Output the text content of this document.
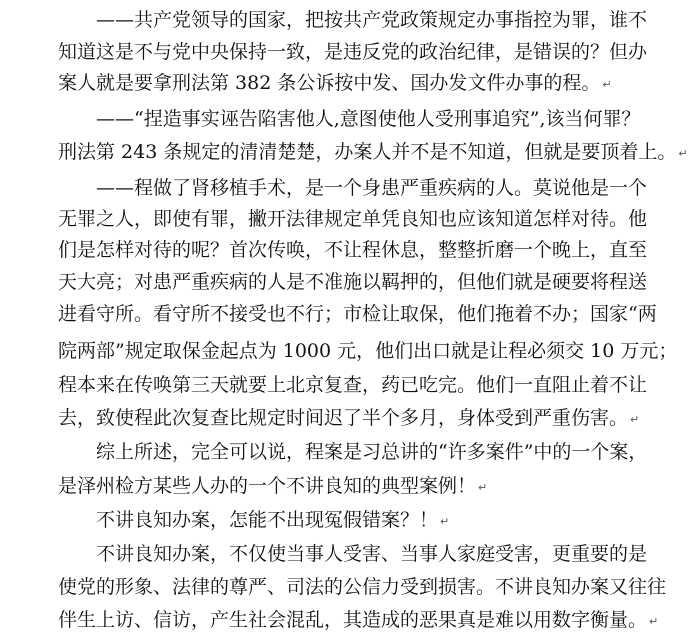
——共产党领导的国家，把按共产党政策规定办事指控为罪，谁不
知道这是不与党中央保持一致，是违反党的政治纪律，是错误的？但办
案人就是要拿刑法第 382 条公诉按中发、国办发文件办事的程。 ↵
——“捏造事实诬告陷害他人,意图使他人受刑事追究”,该当何罪？
刑法第 243 条规定的清清楚楚，办案人并不是不知道，但就是要顶着上。 ↵
——程做了肾移植手术，是一个身患严重疾病的人。莫说他是一个
无罪之人，即使有罪，撇开法律规定单凭良知也应该知道怎样对待。他
们是怎样对待的呢？首次传唤，不让程休息，整整折磨一个晚上，直至
天大亮；对患严重疾病的人是不准施以羁押的，但他们就是硬要将程送
进看守所。看守所不接受也不行；市检让取保，他们拖着不办；国家“两
院两部”规定取保金起点为 1000 元，他们出口就是让程必须交 10 万元；
程本来在传唤第三天就要上北京复查，药已吃完。他们一直阻止着不让
去，致使程此次复查比规定时间迟了半个多月，身体受到严重伤害。 ↵
综上所述，完全可以说，程案是习总讲的“许多案件”中的一个案，
是泽州检方某些人办的一个不讲良知的典型案例！ ↵
不讲良知办案，怎能不出现冤假错案？！ ↵
不讲良知办案，不仅使当事人受害、当事人家庭受害，更重要的是
使党的形象、法律的尊严、司法的公信力受到损害。不讲良知办案又往往
伴生上访、信访，产生社会混乱，其造成的恶果真是难以用数字衡量。 ↵
